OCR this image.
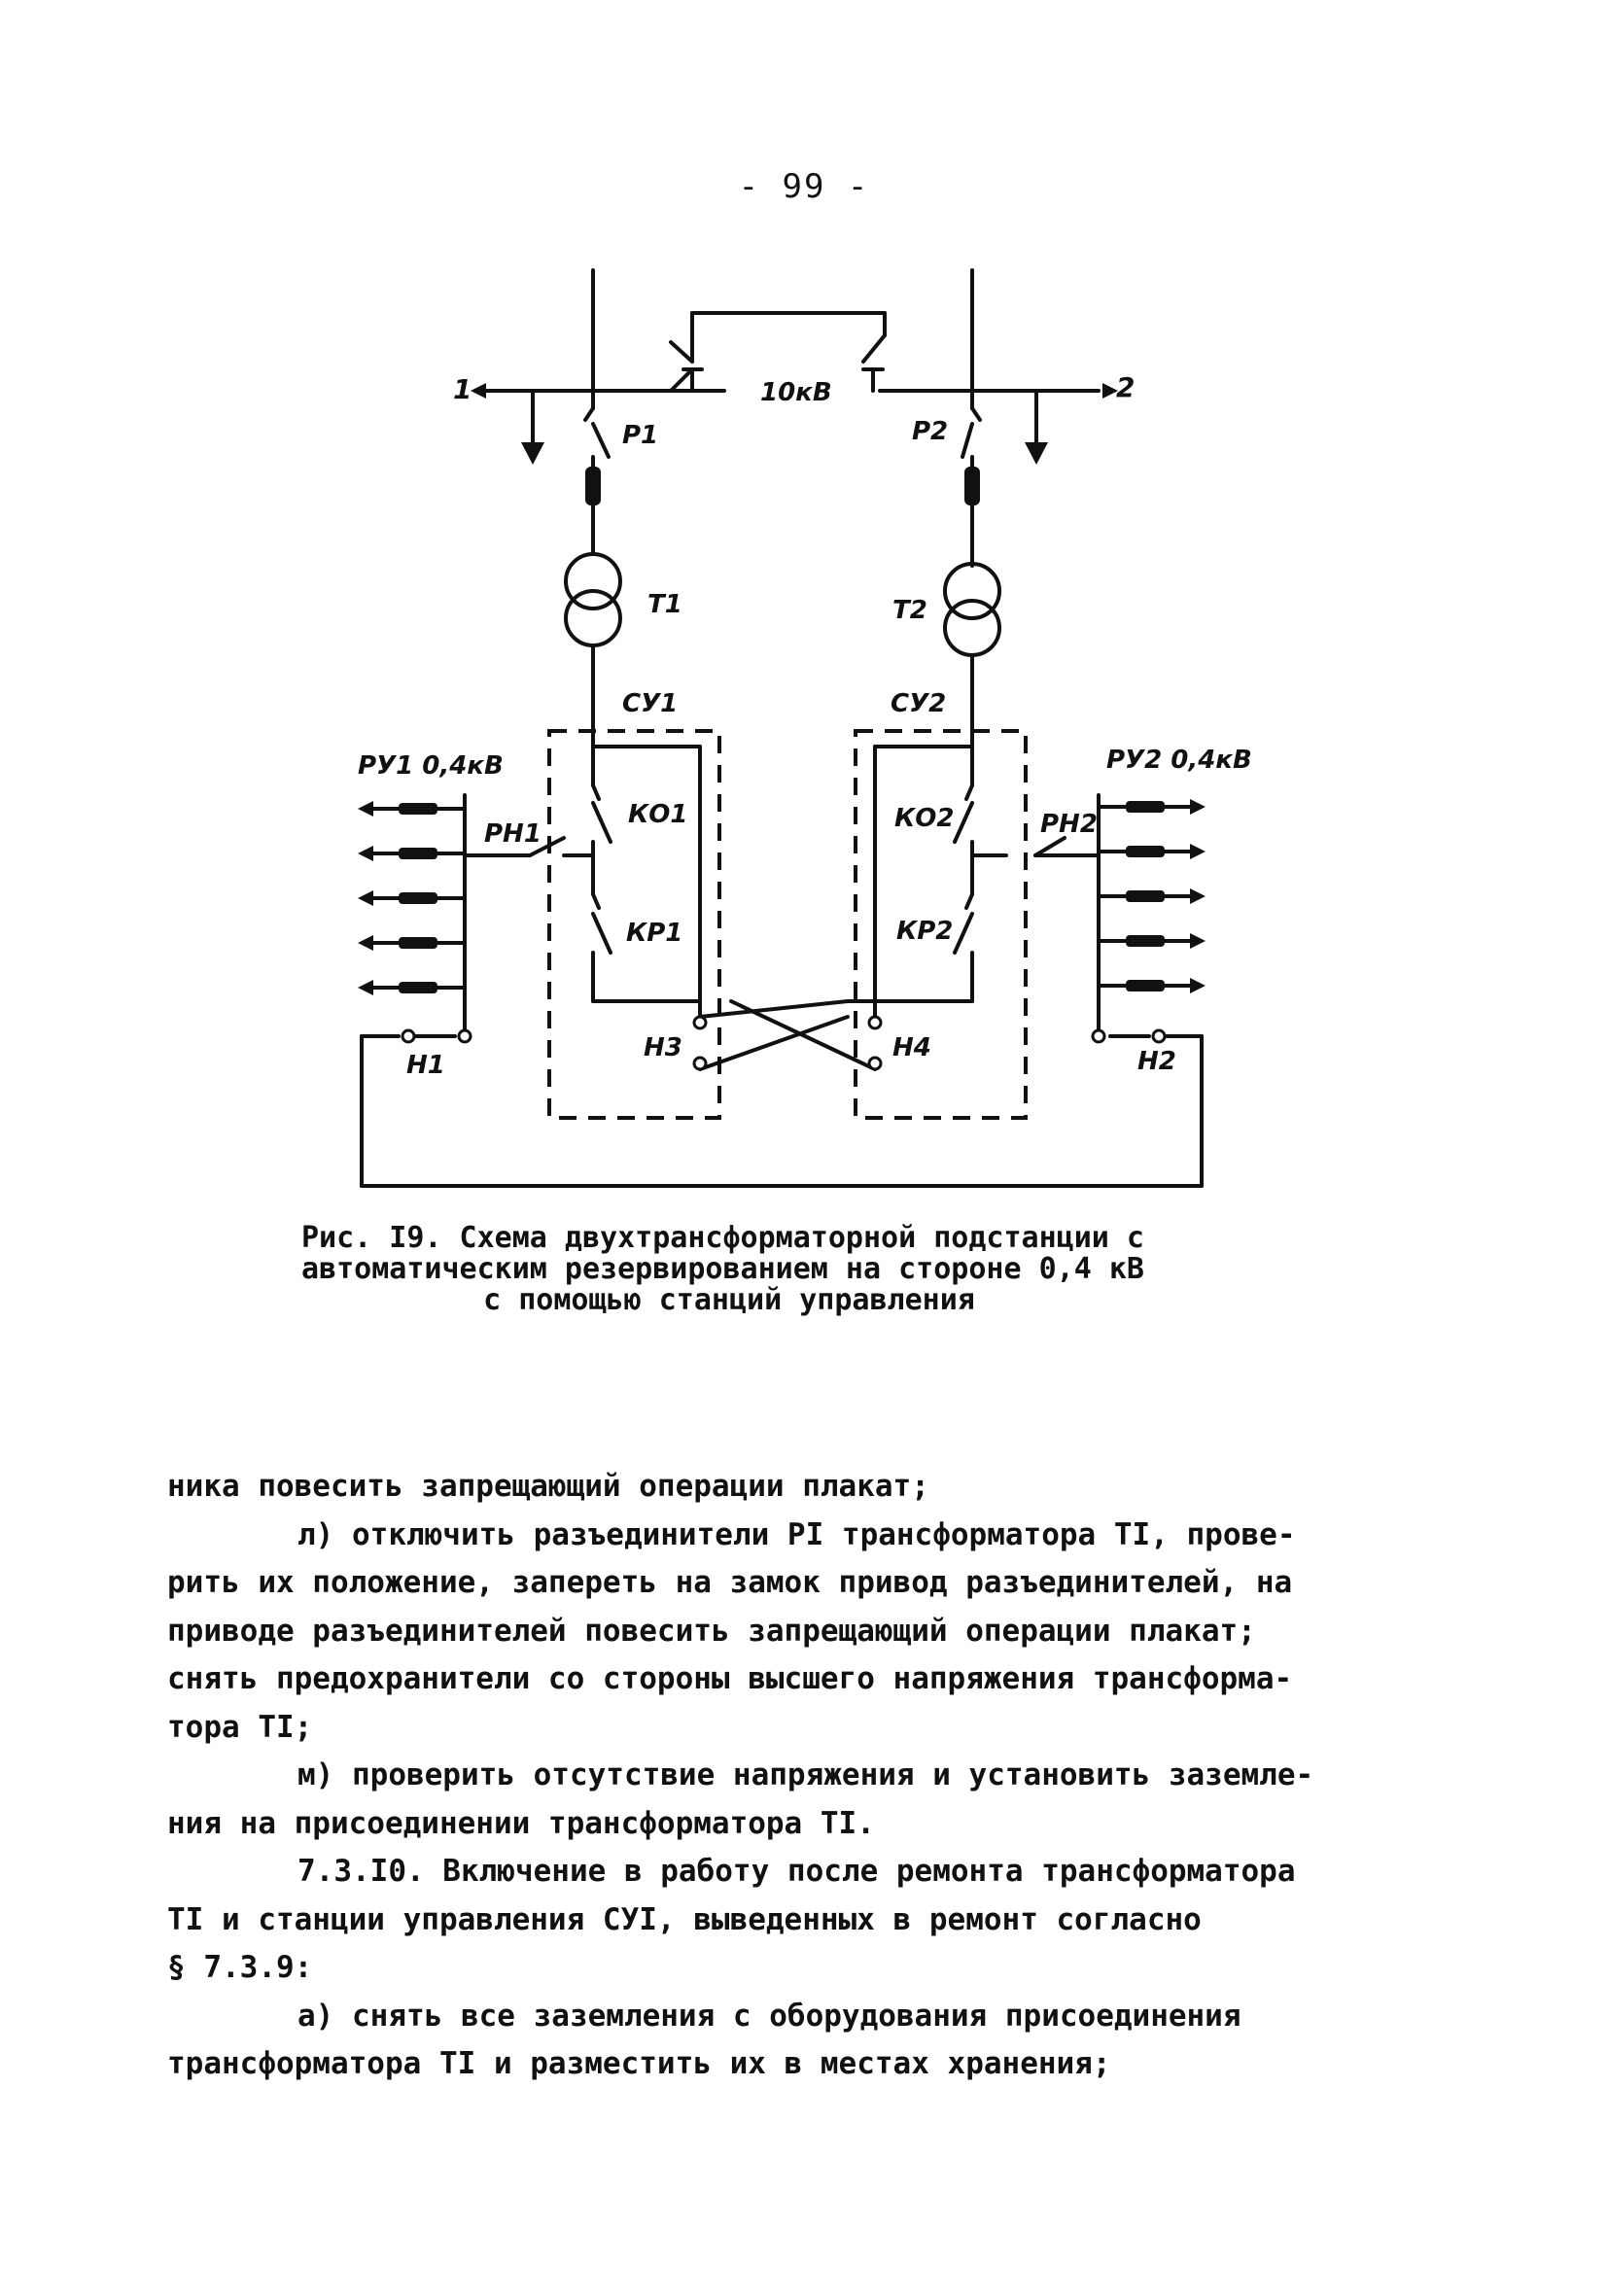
- 99 -
1	2
10кВ
Р1	Р2
Т1	Т2
СУ1	СУ2
РУ1 0,4кВ	РУ2 0,4кВ
КО1	КО2
КР1	КР2
РН1	РН2
Н1	Н2
Н3	Н4
Рис. I9. Схема двухтрансформаторной подстанции с
автоматическим резервированием на стороне 0,4 кВ
с помощью станций управления
ника повесить запрещающий операции плакат;
л) отключить разъединители РI трансформатора ТI, прове-
рить их положение, запереть на замок привод разъединителей, на
приводе разъединителей повесить запрещающий операции плакат;
снять предохранители со стороны высшего напряжения трансформа-
тора ТI;
м) проверить отсутствие напряжения и установить заземле-
ния на присоединении трансформатора ТI.
7.3.I0. Включение в работу после ремонта трансформатора
ТI и станции управления СУI, выведенных в ремонт согласно
§ 7.3.9:
а) снять все заземления с оборудования присоединения
трансформатора ТI и разместить их в местах хранения;
